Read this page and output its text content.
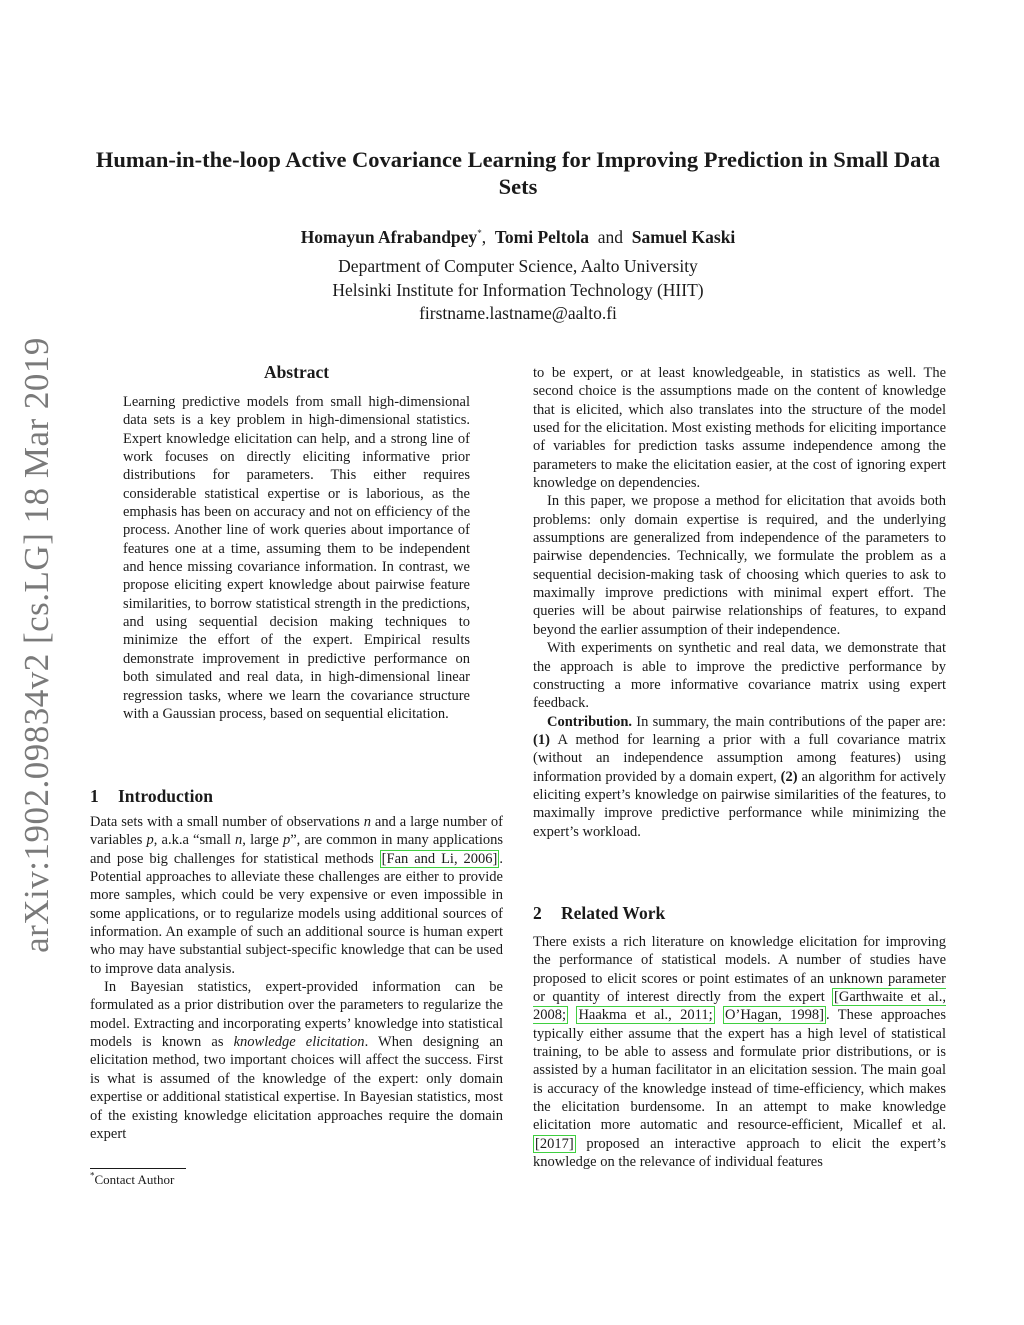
arXiv:1902.09834v2 [cs.LG] 18 Mar 2019
Human-in-the-loop Active Covariance Learning for Improving Prediction in Small Data Sets
Homayun Afrabandpey*, Tomi Peltola and Samuel Kaski
Department of Computer Science, Aalto University
Helsinki Institute for Information Technology (HIIT)
firstname.lastname@aalto.fi
Abstract

Learning predictive models from small high-dimensional data sets is a key problem in high-dimensional statistics. Expert knowledge elicitation can help, and a strong line of work focuses on directly eliciting informative prior distributions for parameters. This either requires considerable statistical expertise or is laborious, as the emphasis has been on accuracy and not on efficiency of the process. Another line of work queries about importance of features one at a time, assuming them to be independent and hence missing covariance information. In contrast, we propose eliciting expert knowledge about pairwise feature similarities, to borrow statistical strength in the predictions, and using sequential decision making techniques to minimize the effort of the expert. Empirical results demonstrate improvement in predictive performance on both simulated and real data, in high-dimensional linear regression tasks, where we learn the covariance structure with a Gaussian process, based on sequential elicitation.

1 Introduction

Data sets with a small number of observations n and a large number of variables p, a.k.a “small n, large p”, are common in many applications and pose big challenges for statistical methods [Fan and Li, 2006] . Potential approaches to alleviate these challenges are either to provide more samples, which could be very expensive or even impossible in some applications, or to regularize models using additional sources of information. An example of such an additional source is human expert who may have substantial subject-specific knowledge that can be used to improve data analysis.

In Bayesian statistics, expert-provided information can be formulated as a prior distribution over the parameters to regularize the model. Extracting and incorporating experts’ knowledge into statistical models is known as knowledge elicitation. When designing an elicitation method, two important choices will affect the success. First is what is assumed of the knowledge of the expert: only domain expertise or additional statistical expertise. In Bayesian statistics, most of the existing knowledge elicitation approaches require the domain expert

*Contact Author

to be expert, or at least knowledgeable, in statistics as well. The second choice is the assumptions made on the content of knowledge that is elicited, which also translates into the structure of the model used for the elicitation. Most existing methods for eliciting importance of variables for prediction tasks assume independence among the parameters to make the elicitation easier, at the cost of ignoring expert knowledge on dependencies.

In this paper, we propose a method for elicitation that avoids both problems: only domain expertise is required, and the underlying assumptions are generalized from independence of the parameters to pairwise dependencies. Technically, we formulate the problem as a sequential decision-making task of choosing which queries to ask to maximally improve predictions with minimal expert effort. The queries will be about pairwise relationships of features, to expand beyond the earlier assumption of their independence.

With experiments on synthetic and real data, we demonstrate that the approach is able to improve the predictive performance by constructing a more informative covariance matrix using expert feedback.

Contribution. In summary, the main contributions of the paper are: (1) A method for learning a prior with a full covariance matrix (without an independence assumption among features) using information provided by a domain expert, (2) an algorithm for actively eliciting expert’s knowledge on pairwise similarities of the features, to maximally improve predictive performance while minimizing the expert’s workload.

2 Related Work

There exists a rich literature on knowledge elicitation for improving the performance of statistical models. A number of studies have proposed to elicit scores or point estimates of an unknown parameter or quantity of interest directly from the expert [Garthwaite et al., 2008; Haakma et al., 2011; O’Hagan, 1998] . These approaches typically either assume that the expert has a high level of statistical training, to be able to assess and formulate prior distributions, or is assisted by a human facilitator in an elicitation session. The main goal is accuracy of the knowledge instead of time-efficiency, which makes the elicitation burdensome. In an attempt to make knowledge elicitation more automatic and resource-efficient, Micallef et al. [2017] proposed an interactive approach to elicit the expert’s knowledge on the relevance of individual features
